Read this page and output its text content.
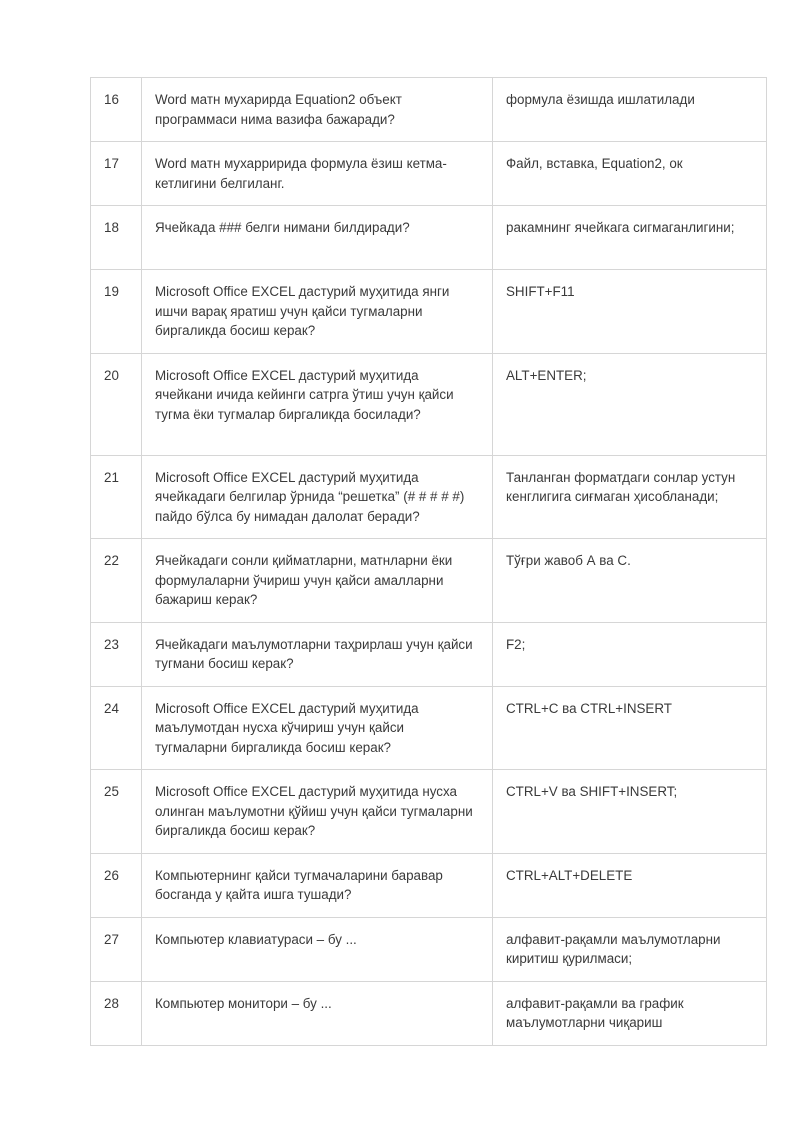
16	Word матн мухарирда Equation2 объект программаси нима вазифа бажаради?	формула ёзишда ишлатилади
17	Word матн мухарририда формула ёзиш кетма-кетлигини белгиланг.	Файл, вставка, Equation2, ок
18	Ячейкада ### белги нимани билдиради?	ракамнинг ячейкага сигмаганлигини;
19	Microsoft Office EXCEL дастурий муҳитида янги ишчи варақ яратиш учун қайси тугмаларни биргаликда босиш керак?	SHIFT+F11
20	Microsoft Office EXCEL дастурий муҳитида ячейкани ичида кейинги сатрга ўтиш учун қайси тугма ёки тугмалар биргаликда босилади?	ALT+ENTER;
21	Microsoft Office EXCEL дастурий муҳитида ячейкадаги белгилар ўрнида “решетка” (# # # # #) пайдо бўлса бу нимадан далолат беради?	Танланган форматдаги сонлар устун кенглигига сиғмаган ҳисобланади;
22	Ячейкадаги сонли қийматларни, матнларни ёки формулаларни ўчириш учун қайси амалларни бажариш керак?	Тўғри жавоб А ва С.
23	Ячейкадаги маълумотларни таҳрирлаш учун қайси тугмани босиш керак?	F2;
24	Microsoft Office EXCEL дастурий муҳитида маълумотдан нусха кўчириш учун қайси тугмаларни биргаликда босиш керак?	CTRL+C ва CTRL+INSERT
25	Microsoft Office EXCEL дастурий муҳитида нусха олинган маълумотни қўйиш учун қайси тугмаларни биргаликда босиш керак?	CTRL+V ва SHIFT+INSERT;
26	Компьютернинг қайси тугмачаларини баравар босганда у қайта ишга тушади?	CTRL+ALT+DELETE
27	Компьютер клавиатураси – бу ...	алфавит-рақамли маълумотларни киритиш қурилмаси;
28	Компьютер монитори – бу ...	алфавит-рақамли ва график маълумотларни чиқариш
